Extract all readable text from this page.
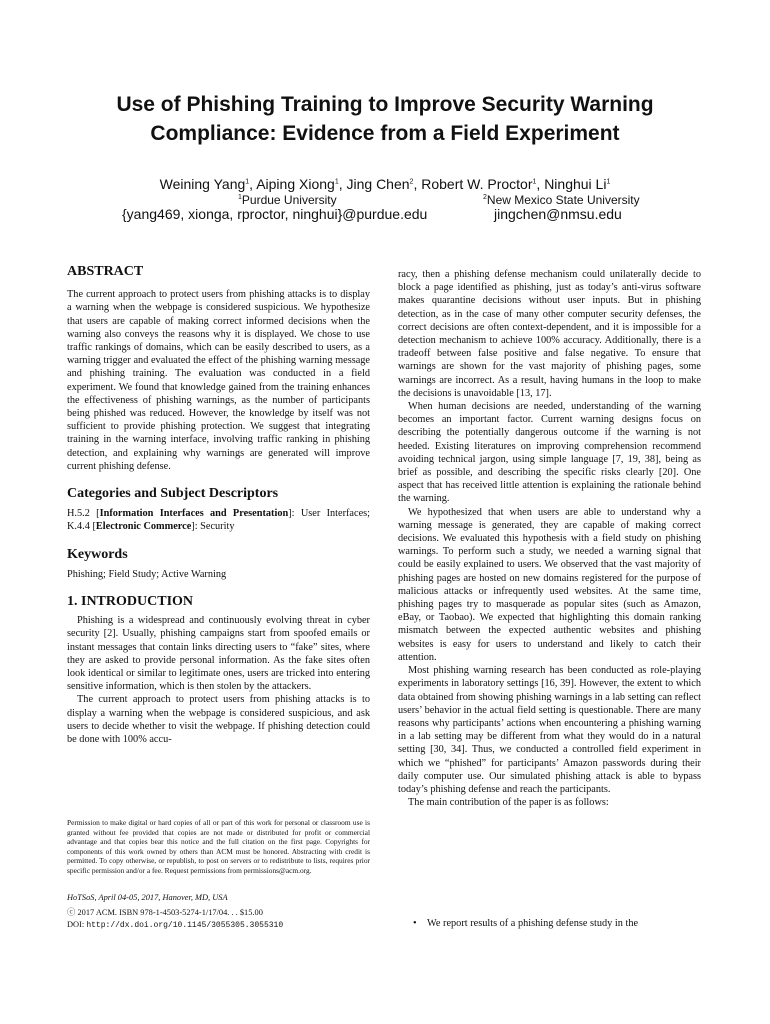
Use of Phishing Training to Improve Security Warning
Compliance: Evidence from a Field Experiment
Weining Yang$^1$, Aiping Xiong$^1$, Jing Chen$^2$, Robert W. Proctor$^1$, Ninghui Li$^1$
$^1$Purdue University	$^2$New Mexico State University
{yang469, xionga, rproctor, ninghui}@purdue.edu	jingchen@nmsu.edu
ABSTRACT

The current approach to protect users from phishing attacks is to display a warning when the webpage is considered suspicious. We hypothesize that users are capable of making correct informed decisions when the warning also conveys the reasons why it is displayed. We chose to use traffic rankings of domains, which can be easily described to users, as a warning trigger and evaluated the effect of the phishing warning message and phishing training. The evaluation was conducted in a field experiment. We found that knowledge gained from the training enhances the effectiveness of phishing warnings, as the number of participants being phished was reduced. However, the knowledge by itself was not sufficient to provide phishing protection. We suggest that integrating training in the warning interface, involving traffic ranking in phishing detection, and explaining why warnings are generated will improve current phishing defense.

Categories and Subject Descriptors

H.5.2 [Information Interfaces and Presentation]: User Interfaces; K.4.4 [Electronic Commerce]: Security

Keywords

Phishing; Field Study; Active Warning

1. INTRODUCTION

Phishing is a widespread and continuously evolving threat in cyber security [2]. Usually, phishing campaigns start from spoofed emails or instant messages that contain links directing users to “fake” sites, where they are asked to provide personal information. As the fake sites often look identical or similar to legitimate ones, users are tricked into entering sensitive information, which is then stolen by the attackers.

The current approach to protect users from phishing attacks is to display a warning when the webpage is considered suspicious, and ask users to decide whether to visit the webpage. If phishing detection could be done with 100% accu-

Permission to make digital or hard copies of all or part of this work for personal or classroom use is granted without fee provided that copies are not made or distributed for profit or commercial advantage and that copies bear this notice and the full citation on the first page. Copyrights for components of this work owned by others than ACM must be honored. Abstracting with credit is permitted. To copy otherwise, or republish, to post on servers or to redistribute to lists, requires prior specific permission and/or a fee. Request permissions from permissions@acm.org.
HoTSoS, April 04-05, 2017, Hanover, MD, USA
ⓒ 2017 ACM. ISBN 978-1-4503-5274-1/17/04. . . $15.00
DOI: http://dx.doi.org/10.1145/3055305.3055310

racy, then a phishing defense mechanism could unilaterally decide to block a page identified as phishing, just as today’s anti-virus software makes quarantine decisions without user inputs. But in phishing detection, as in the case of many other computer security defenses, the correct decisions are often context-dependent, and it is impossible for a detection mechanism to achieve 100% accuracy. Additionally, there is a tradeoff between false positive and false negative. To ensure that warnings are shown for the vast majority of phishing pages, some warnings are incorrect. As a result, having humans in the loop to make the decisions is unavoidable [13, 17].

When human decisions are needed, understanding of the warning becomes an important factor. Current warning designs focus on describing the potentially dangerous outcome if the warning is not heeded. Existing literatures on improving comprehension recommend avoiding technical jargon, using simple language [7, 19, 38], being as brief as possible, and describing the specific risks clearly [20]. One aspect that has received little attention is explaining the rationale behind the warning.

We hypothesized that when users are able to understand why a warning message is generated, they are capable of making correct decisions. We evaluated this hypothesis with a field study on phishing warnings. To perform such a study, we needed a warning signal that could be easily explained to users. We observed that the vast majority of phishing pages are hosted on new domains registered for the purpose of malicious attacks or infrequently used websites. At the same time, phishing pages try to masquerade as popular sites (such as Amazon, eBay, or Taobao). We expected that highlighting this domain ranking mismatch between the expected authentic websites and phishing websites is easy for users to understand and likely to catch their attention.

Most phishing warning research has been conducted as role-playing experiments in laboratory settings [16, 39]. However, the extent to which data obtained from showing phishing warnings in a lab setting can reflect users’ behavior in the actual field setting is questionable. There are many reasons why participants’ actions when encountering a phishing warning in a lab setting may be different from what they would do in a natural setting [30, 34]. Thus, we conducted a controlled field experiment in which we “phished” for participants’ Amazon passwords during their daily computer use. Our simulated phishing attack is able to bypass today’s phishing defense and reach the participants.

The main contribution of the paper is as follows:

• We report results of a phishing defense study in the
